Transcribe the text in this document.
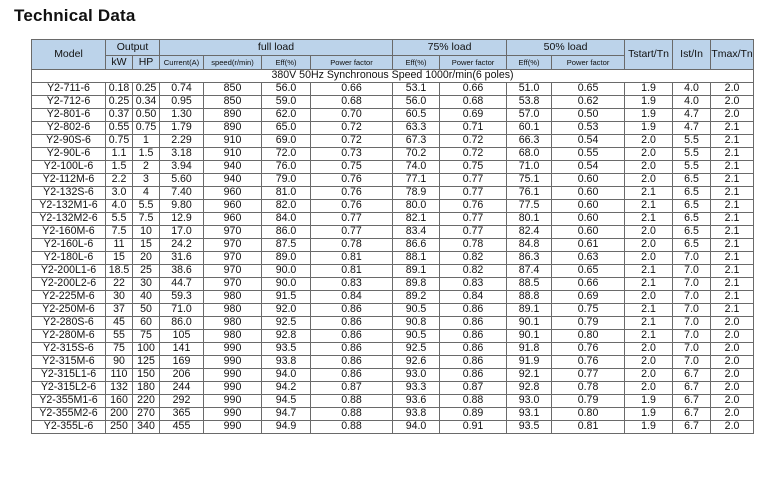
Technical Data
Model	Output		full load				75% load		50% load		Tstart/Tn	Ist/In	Tmax/Tn
	kW	HP	Current(A)	speed(r/min)	Eff(%)	Power factor	Eff(%)	Power factor	Eff(%)	Power factor			
380V 50Hz Synchronous Speed 1000r/min(6 poles)													
Y2-711-6	0.18	0.25	0.74	850	56.0	0.66	53.1	0.66	51.0	0.65	1.9	4.0	2.0
Y2-712-6	0.25	0.34	0.95	850	59.0	0.68	56.0	0.68	53.8	0.62	1.9	4.0	2.0
Y2-801-6	0.37	0.50	1.30	890	62.0	0.70	60.5	0.69	57.0	0.50	1.9	4.7	2.0
Y2-802-6	0.55	0.75	1.79	890	65.0	0.72	63.3	0.71	60.1	0.53	1.9	4.7	2.1
Y2-90S-6	0.75	1	2.29	910	69.0	0.72	67.3	0.72	66.3	0.54	2.0	5.5	2.1
Y2-90L-6	1.1	1.5	3.18	910	72.0	0.73	70.2	0.72	68.0	0.55	2.0	5.5	2.1
Y2-100L-6	1.5	2	3.94	940	76.0	0.75	74.0	0.75	71.0	0.54	2.0	5.5	2.1
Y2-112M-6	2.2	3	5.60	940	79.0	0.76	77.1	0.77	75.1	0.60	2.0	6.5	2.1
Y2-132S-6	3.0	4	7.40	960	81.0	0.76	78.9	0.77	76.1	0.60	2.1	6.5	2.1
Y2-132M1-6	4.0	5.5	9.80	960	82.0	0.76	80.0	0.76	77.5	0.60	2.1	6.5	2.1
Y2-132M2-6	5.5	7.5	12.9	960	84.0	0.77	82.1	0.77	80.1	0.60	2.1	6.5	2.1
Y2-160M-6	7.5	10	17.0	970	86.0	0.77	83.4	0.77	82.4	0.60	2.0	6.5	2.1
Y2-160L-6	11	15	24.2	970	87.5	0.78	86.6	0.78	84.8	0.61	2.0	6.5	2.1
Y2-180L-6	15	20	31.6	970	89.0	0.81	88.1	0.82	86.3	0.63	2.0	7.0	2.1
Y2-200L1-6	18.5	25	38.6	970	90.0	0.81	89.1	0.82	87.4	0.65	2.1	7.0	2.1
Y2-200L2-6	22	30	44.7	970	90.0	0.83	89.8	0.83	88.5	0.66	2.1	7.0	2.1
Y2-225M-6	30	40	59.3	980	91.5	0.84	89.2	0.84	88.8	0.69	2.0	7.0	2.1
Y2-250M-6	37	50	71.0	980	92.0	0.86	90.5	0.86	89.1	0.75	2.1	7.0	2.1
Y2-280S-6	45	60	86.0	980	92.5	0.86	90.8	0.86	90.1	0.79	2.1	7.0	2.0
Y2-280M-6	55	75	105	980	92.8	0.86	90.5	0.86	90.1	0.80	2.1	7.0	2.0
Y2-315S-6	75	100	141	990	93.5	0.86	92.5	0.86	91.8	0.76	2.0	7.0	2.0
Y2-315M-6	90	125	169	990	93.8	0.86	92.6	0.86	91.9	0.76	2.0	7.0	2.0
Y2-315L1-6	110	150	206	990	94.0	0.86	93.0	0.86	92.1	0.77	2.0	6.7	2.0
Y2-315L2-6	132	180	244	990	94.2	0.87	93.3	0.87	92.8	0.78	2.0	6.7	2.0
Y2-355M1-6	160	220	292	990	94.5	0.88	93.6	0.88	93.0	0.79	1.9	6.7	2.0
Y2-355M2-6	200	270	365	990	94.7	0.88	93.8	0.89	93.1	0.80	1.9	6.7	2.0
Y2-355L-6	250	340	455	990	94.9	0.88	94.0	0.91	93.5	0.81	1.9	6.7	2.0
